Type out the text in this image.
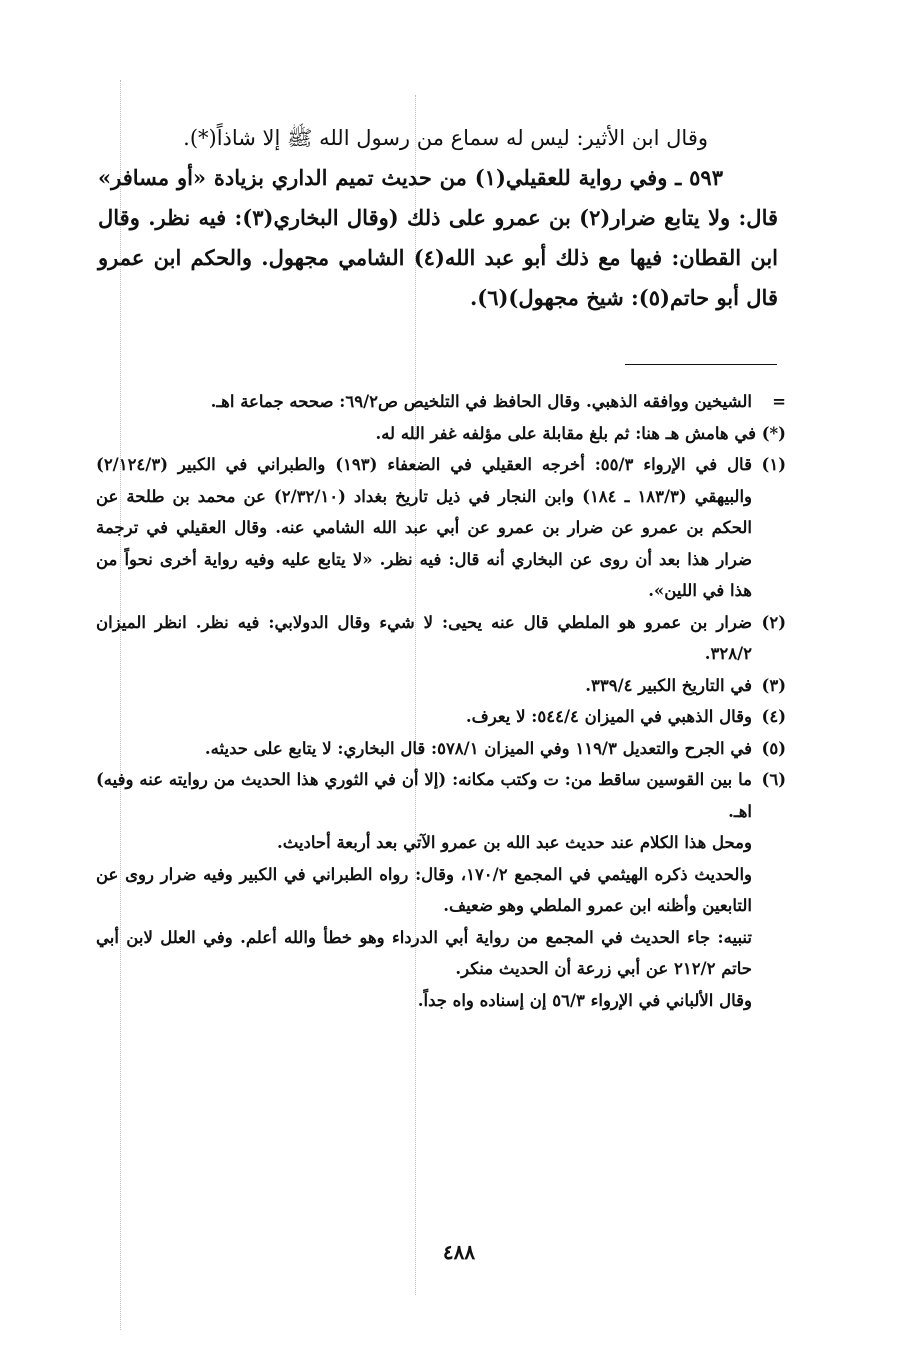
وقال ابن الأثير: ليس له سماع من رسول الله ﷺ إلا شاذاً(*).

٥٩٣ ـ وفي رواية للعقيلي(١) من حديث تميم الداري بزيادة «أو مسافر» قال: ولا يتابع ضرار(٢) بن عمرو على ذلك (وقال البخاري(٣): فيه نظر. وقال ابن القطان: فيها مع ذلك أبو عبد الله(٤) الشامي مجهول. والحكم ابن عمرو قال أبو حاتم(٥): شيخ مجهول)(٦).

=
الشيخين ووافقه الذهبي. وقال الحافظ في التلخيص ص٦٩/٢: صححه جماعة اهـ.

(*) في هامش هـ هنا: ثم بلغ مقابلة على مؤلفه غفر الله له.

(١)
قال في الإرواء ٥٥/٣: أخرجه العقيلي في الضعفاء (١٩٣) والطبراني في الكبير (٢/١٢٤/٣) والبيهقي (١٨٣/٣ ـ ١٨٤) وابن النجار في ذيل تاريخ بغداد (٢/٣٢/١٠) عن محمد بن طلحة عن الحكم بن عمرو عن ضرار بن عمرو عن أبي عبد الله الشامي عنه. وقال العقيلي في ترجمة ضرار هذا بعد أن روى عن البخاري أنه قال: فيه نظر. «لا يتابع عليه وفيه رواية أخرى نحواً من هذا في اللين».

(٢)
ضرار بن عمرو هو الملطي قال عنه يحيى: لا شيء وقال الدولابي: فيه نظر. انظر الميزان ٣٢٨/٢.

(٣)
في التاريخ الكبير ٣٣٩/٤.

(٤)
وقال الذهبي في الميزان ٥٤٤/٤: لا يعرف.

(٥)
في الجرح والتعديل ١١٩/٣ وفي الميزان ٥٧٨/١: قال البخاري: لا يتابع على حديثه.

(٦)
ما بين القوسين ساقط من: ت وكتب مكانه: (إلا أن في الثوري هذا الحديث من روايته عنه وفيه) اهـ.

ومحل هذا الكلام عند حديث عبد الله بن عمرو الآتي بعد أربعة أحاديث.

والحديث ذكره الهيثمي في المجمع ١٧٠/٢، وقال: رواه الطبراني في الكبير وفيه ضرار روى عن التابعين وأظنه ابن عمرو الملطي وهو ضعيف.

تنبيه: جاء الحديث في المجمع من رواية أبي الدرداء وهو خطأ والله أعلم. وفي العلل لابن أبي حاتم ٢١٢/٢ عن أبي زرعة أن الحديث منكر.

وقال الألباني في الإرواء ٥٦/٣ إن إسناده واه جداً.

٤٨٨
